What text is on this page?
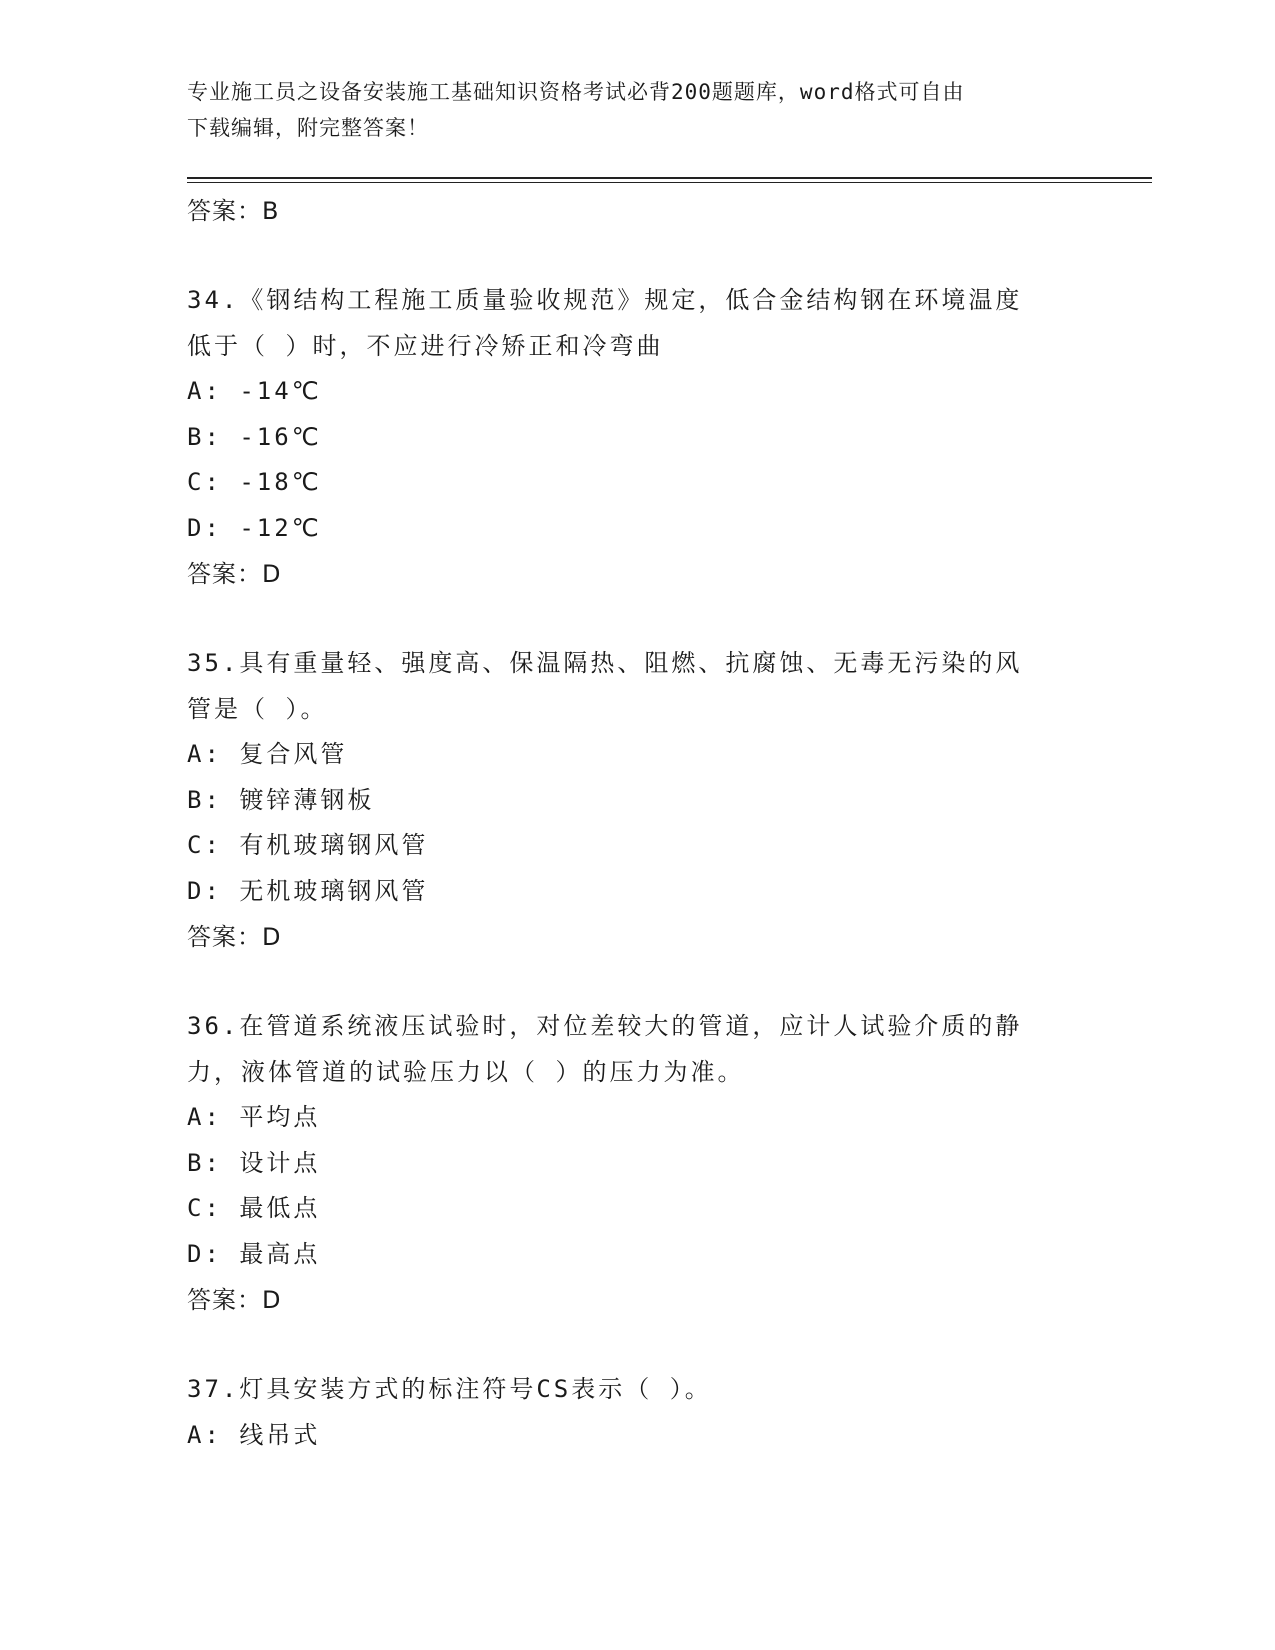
专业施工员之设备安装施工基础知识资格考试必背200题题库，word格式可自由
下载编辑，附完整答案！
答案：B
34.《钢结构工程施工质量验收规范》规定，低合金结构钢在环境温度
低于（ ）时，不应进行冷矫正和冷弯曲
A: -14℃
B: -16℃
C: -18℃
D: -12℃
答案：D
35.具有重量轻、强度高、保温隔热、阻燃、抗腐蚀、无毒无污染的风
管是（ ）。
A: 复合风管
B: 镀锌薄钢板
C: 有机玻璃钢风管
D: 无机玻璃钢风管
答案：D
36.在管道系统液压试验时，对位差较大的管道，应计人试验介质的静
力，液体管道的试验压力以（ ）的压力为准。
A: 平均点
B: 设计点
C: 最低点
D: 最高点
答案：D
37.灯具安装方式的标注符号CS表示（ ）。
A: 线吊式
